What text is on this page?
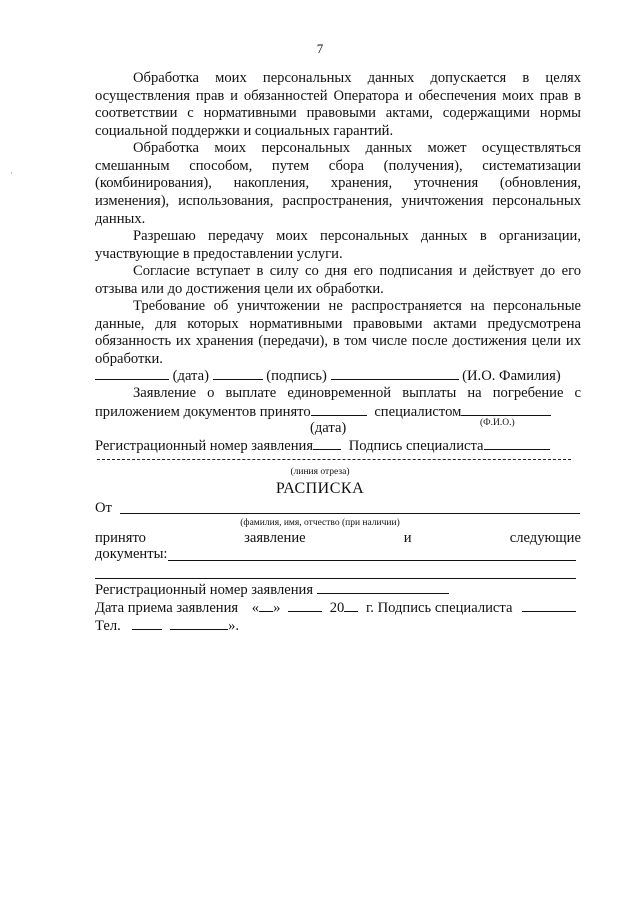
·
7
Обработка моих персональных данных допускается в целях осуществления прав и обязанностей Оператора и обеспечения моих прав в соответствии с нормативными правовыми актами, содержащими нормы социальной поддержки и социальных гарантий.
Обработка моих персональных данных может осуществляться смешанным способом, путем сбора (получения), систематизации (комбинирования), накопления, хранения, уточнения (обновления, изменения), использования, распространения, уничтожения персональных данных.
Разрешаю передачу моих персональных данных в организации, участвующие в предоставлении услуги.
Согласие вступает в силу со дня его подписания и действует до его отзыва или до достижения цели их обработки.
Требование об уничтожении не распространяется на персональные данные, для которых нормативными правовыми актами предусмотрена обязанность их хранения (передачи), в том числе после достижения цели их обработки.
(дата)	(подпись)	(И.О. Фамилия)
Заявление о выплате единовременной выплаты на погребение с
приложением документов принято	специалистом
(Ф.И.О.)
(дата)
Регистрационный номер заявления Подпись специалиста
(линия отреза)
РАСПИСКА
От
(фамилия, имя, отчество (при наличии)
принято	заявление	и	следующие
документы:
Регистрационный номер заявления
Дата приема заявления « »	20 г. Подпись специалиста
Тел.	».
